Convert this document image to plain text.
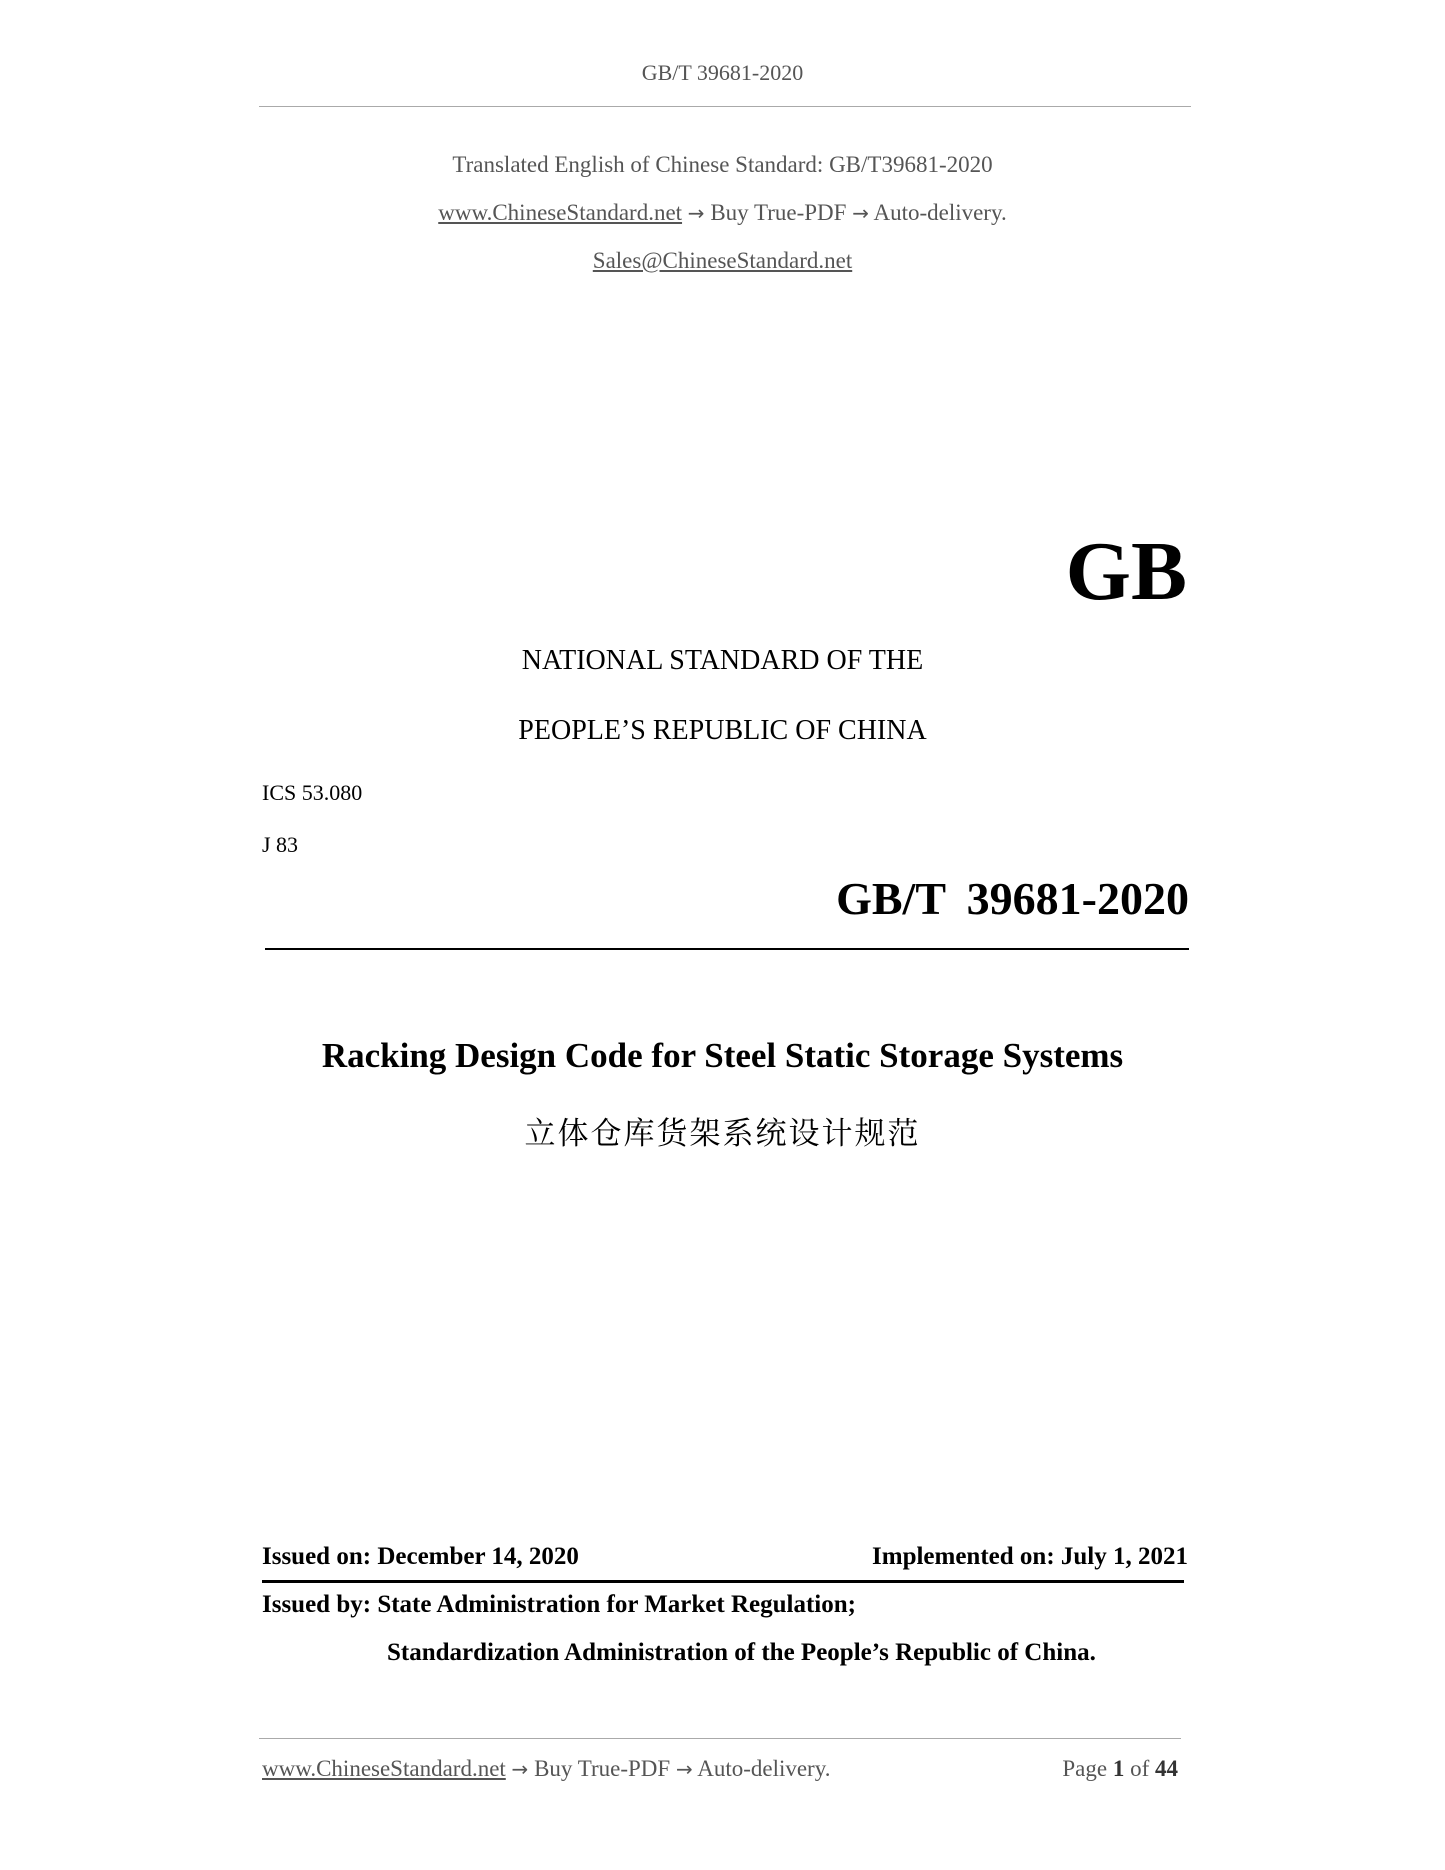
GB/T 39681-2020
Translated English of Chinese Standard: GB/T39681-2020
www.ChineseStandard.net → Buy True-PDF → Auto-delivery.
Sales@ChineseStandard.net
GB
NATIONAL STANDARD OF THE
PEOPLE’S REPUBLIC OF CHINA
ICS 53.080
J 83
GB/T 39681-2020
Racking Design Code for Steel Static Storage Systems
立体仓库货架系统设计规范
Issued on: December 14, 2020	Implemented on: July 1, 2021
Issued by: State Administration for Market Regulation;
Standardization Administration of the People’s Republic of China.
www.ChineseStandard.net → Buy True-PDF → Auto-delivery.	Page 1 of 44
